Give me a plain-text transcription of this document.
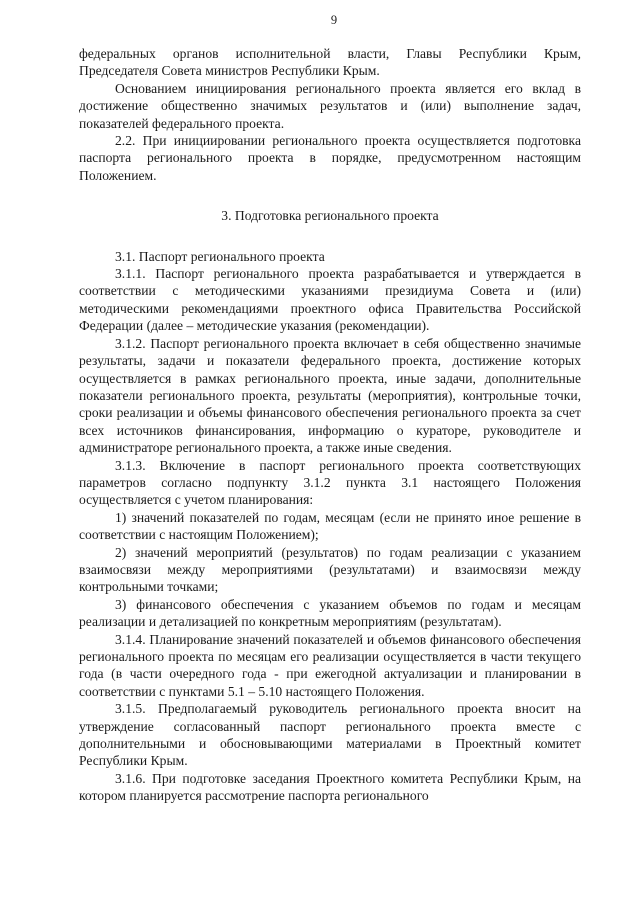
9

федеральных органов исполнительной власти, Главы Республики Крым, Председателя Совета министров Республики Крым.

Основанием инициирования регионального проекта является его вклад в достижение общественно значимых результатов и (или) выполнение задач, показателей федерального проекта.

2.2. При инициировании регионального проекта осуществляется подготовка паспорта регионального проекта в порядке, предусмотренном настоящим Положением.

3. Подготовка регионального проекта

3.1. Паспорт регионального проекта

3.1.1. Паспорт регионального проекта разрабатывается и утверждается в соответствии с методическими указаниями президиума Совета и (или) методическими рекомендациями проектного офиса Правительства Российской Федерации (далее – методические указания (рекомендации).

3.1.2. Паспорт регионального проекта включает в себя общественно значимые результаты, задачи и показатели федерального проекта, достижение которых осуществляется в рамках регионального проекта, иные задачи, дополнительные показатели регионального проекта, результаты (мероприятия), контрольные точки, сроки реализации и объемы финансового обеспечения регионального проекта за счет всех источников финансирования, информацию о кураторе, руководителе и администраторе регионального проекта, а также иные сведения.

3.1.3. Включение в паспорт регионального проекта соответствующих параметров согласно подпункту 3.1.2 пункта 3.1 настоящего Положения осуществляется с учетом планирования:

1) значений показателей по годам, месяцам (если не принято иное решение в соответствии с настоящим Положением);

2) значений мероприятий (результатов) по годам реализации с указанием взаимосвязи между мероприятиями (результатами) и взаимосвязи между контрольными точками;

3) финансового обеспечения с указанием объемов по годам и месяцам реализации и детализацией по конкретным мероприятиям (результатам).

3.1.4. Планирование значений показателей и объемов финансового обеспечения регионального проекта по месяцам его реализации осуществляется в части текущего года (в части очередного года - при ежегодной актуализации и планировании в соответствии с пунктами 5.1 – 5.10 настоящего Положения.

3.1.5. Предполагаемый руководитель регионального проекта вносит на утверждение согласованный паспорт регионального проекта вместе с дополнительными и обосновывающими материалами в Проектный комитет Республики Крым.

3.1.6. При подготовке заседания Проектного комитета Республики Крым, на котором планируется рассмотрение паспорта регионального
